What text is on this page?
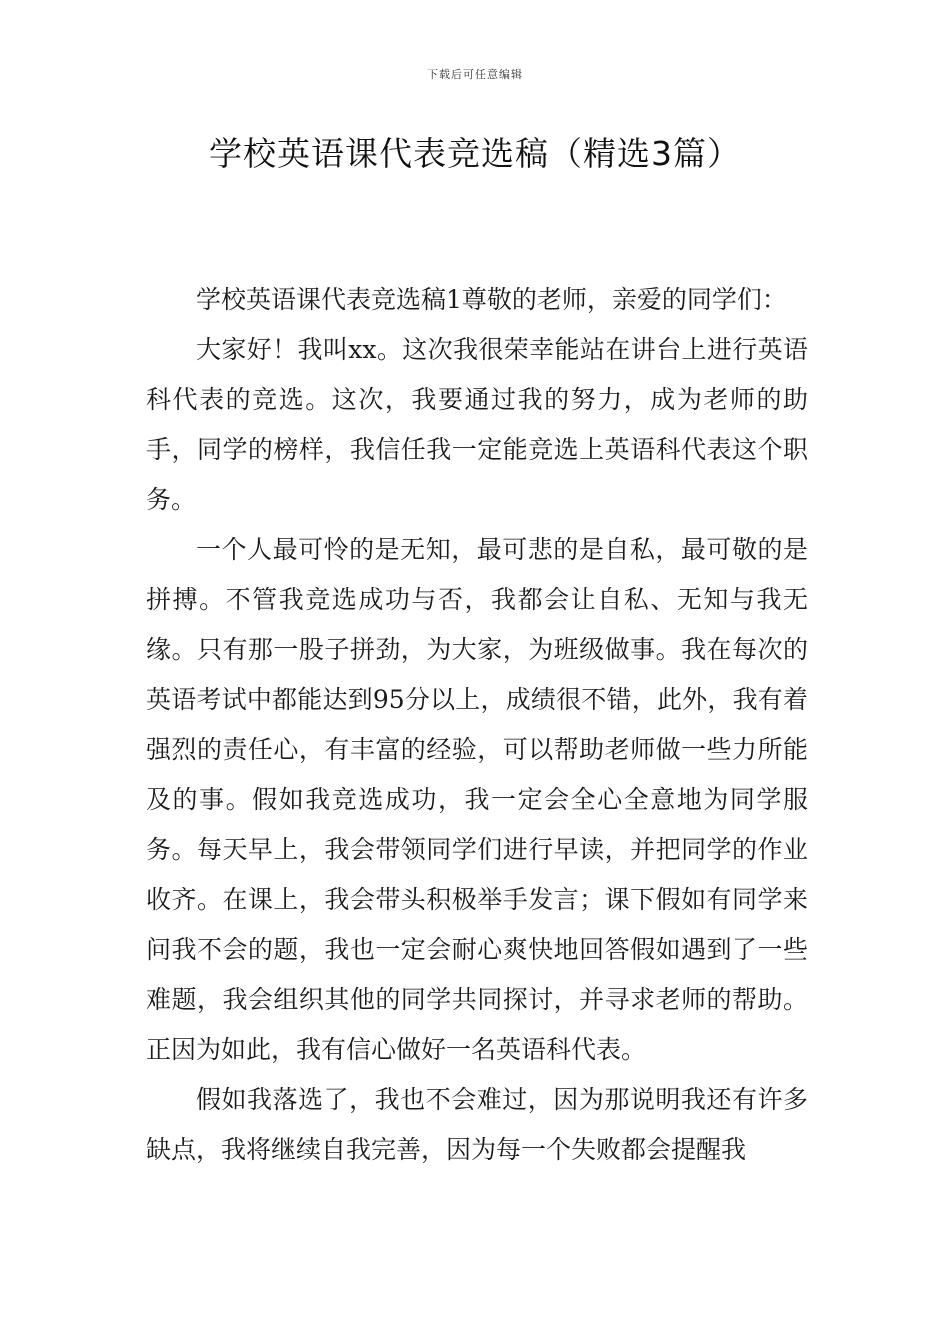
下载后可任意编辑
学校英语课代表竞选稿（精选3篇）

学校英语课代表竞选稿1尊敬的老师，亲爱的同学们：

大家好！我叫xx。这次我很荣幸能站在讲台上进行英语科代表的竞选。这次，我要通过我的努力，成为老师的助手，同学的榜样，我信任我一定能竞选上英语科代表这个职务。

一个人最可怜的是无知，最可悲的是自私，最可敬的是拼搏。不管我竞选成功与否，我都会让自私、无知与我无缘。只有那一股子拼劲，为大家，为班级做事。我在每次的英语考试中都能达到95分以上，成绩很不错，此外，我有着强烈的责任心，有丰富的经验，可以帮助老师做一些力所能及的事。假如我竞选成功，我一定会全心全意地为同学服务。每天早上，我会带领同学们进行早读，并把同学的作业收齐。在课上，我会带头积极举手发言；课下假如有同学来问我不会的题，我也一定会耐心爽快地回答假如遇到了一些难题，我会组织其他的同学共同探讨，并寻求老师的帮助。正因为如此，我有信心做好一名英语科代表。

假如我落选了，我也不会难过，因为那说明我还有许多缺点，我将继续自我完善，因为每一个失败都会提醒我
